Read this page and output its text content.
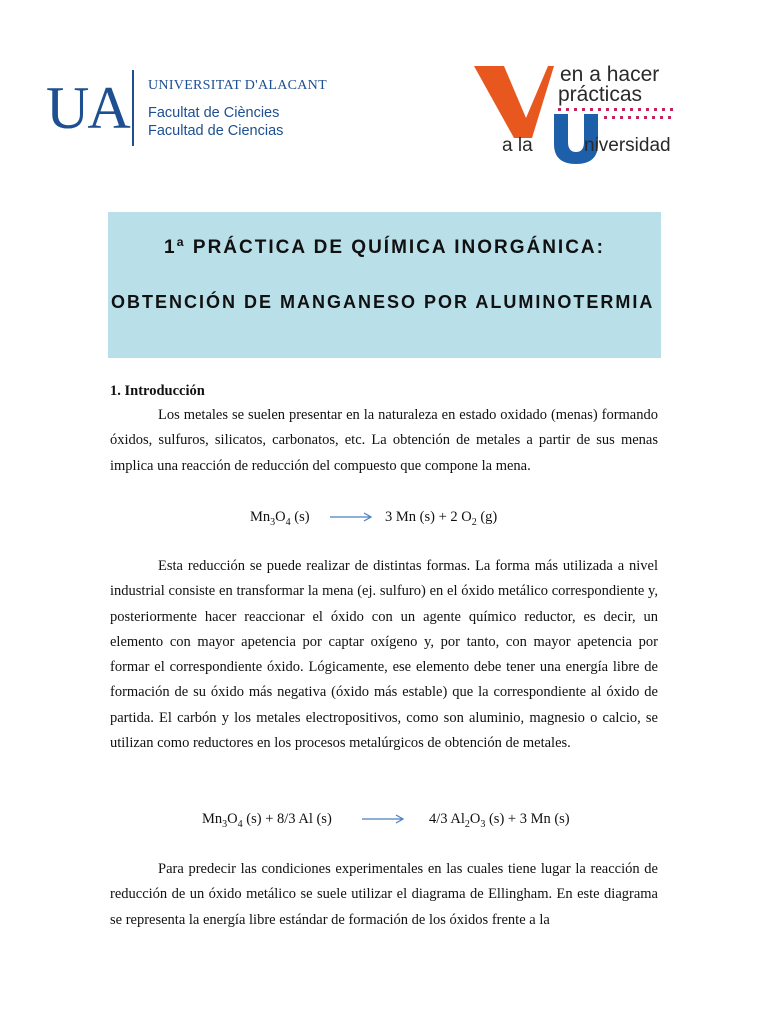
UA UNIVERSITAT D'ALACANT
Facultat de Ciències
Facultad de Ciencias
en a hacer
prácticas
a la	niversidad
1ª PRÁCTICA DE QUÍMICA INORGÁNICA:
OBTENCIÓN DE MANGANESO POR ALUMINOTERMIA
1. Introducción

Los metales se suelen presentar en la naturaleza en estado oxidado (menas) formando óxidos, sulfuros, silicatos, carbonatos, etc. La obtención de metales a partir de sus menas implica una reacción de reducción del compuesto que compone la mena.

$Mn_3O_4$ (s)	3 Mn (s) + 2 $O_2$ (g)

Esta reducción se puede realizar de distintas formas. La forma más utilizada a nivel industrial consiste en transformar la mena (ej. sulfuro) en el óxido metálico correspondiente y, posteriormente hacer reaccionar el óxido con un agente químico reductor, es decir, un elemento con mayor apetencia por captar oxígeno y, por tanto, con mayor apetencia por formar el correspondiente óxido. Lógicamente, ese elemento debe tener una energía libre de formación de su óxido más negativa (óxido más estable) que la correspondiente al óxido de partida. El carbón y los metales electropositivos, como son aluminio, magnesio o calcio, se utilizan como reductores en los procesos metalúrgicos de obtención de metales.

$Mn_3O_4$ (s) + 8/3 Al (s)	4/3 $Al_2O_3$ (s) + 3 Mn (s)

Para predecir las condiciones experimentales en las cuales tiene lugar la reacción de reducción de un óxido metálico se suele utilizar el diagrama de Ellingham. En este diagrama se representa la energía libre estándar de formación de los óxidos frente a la
